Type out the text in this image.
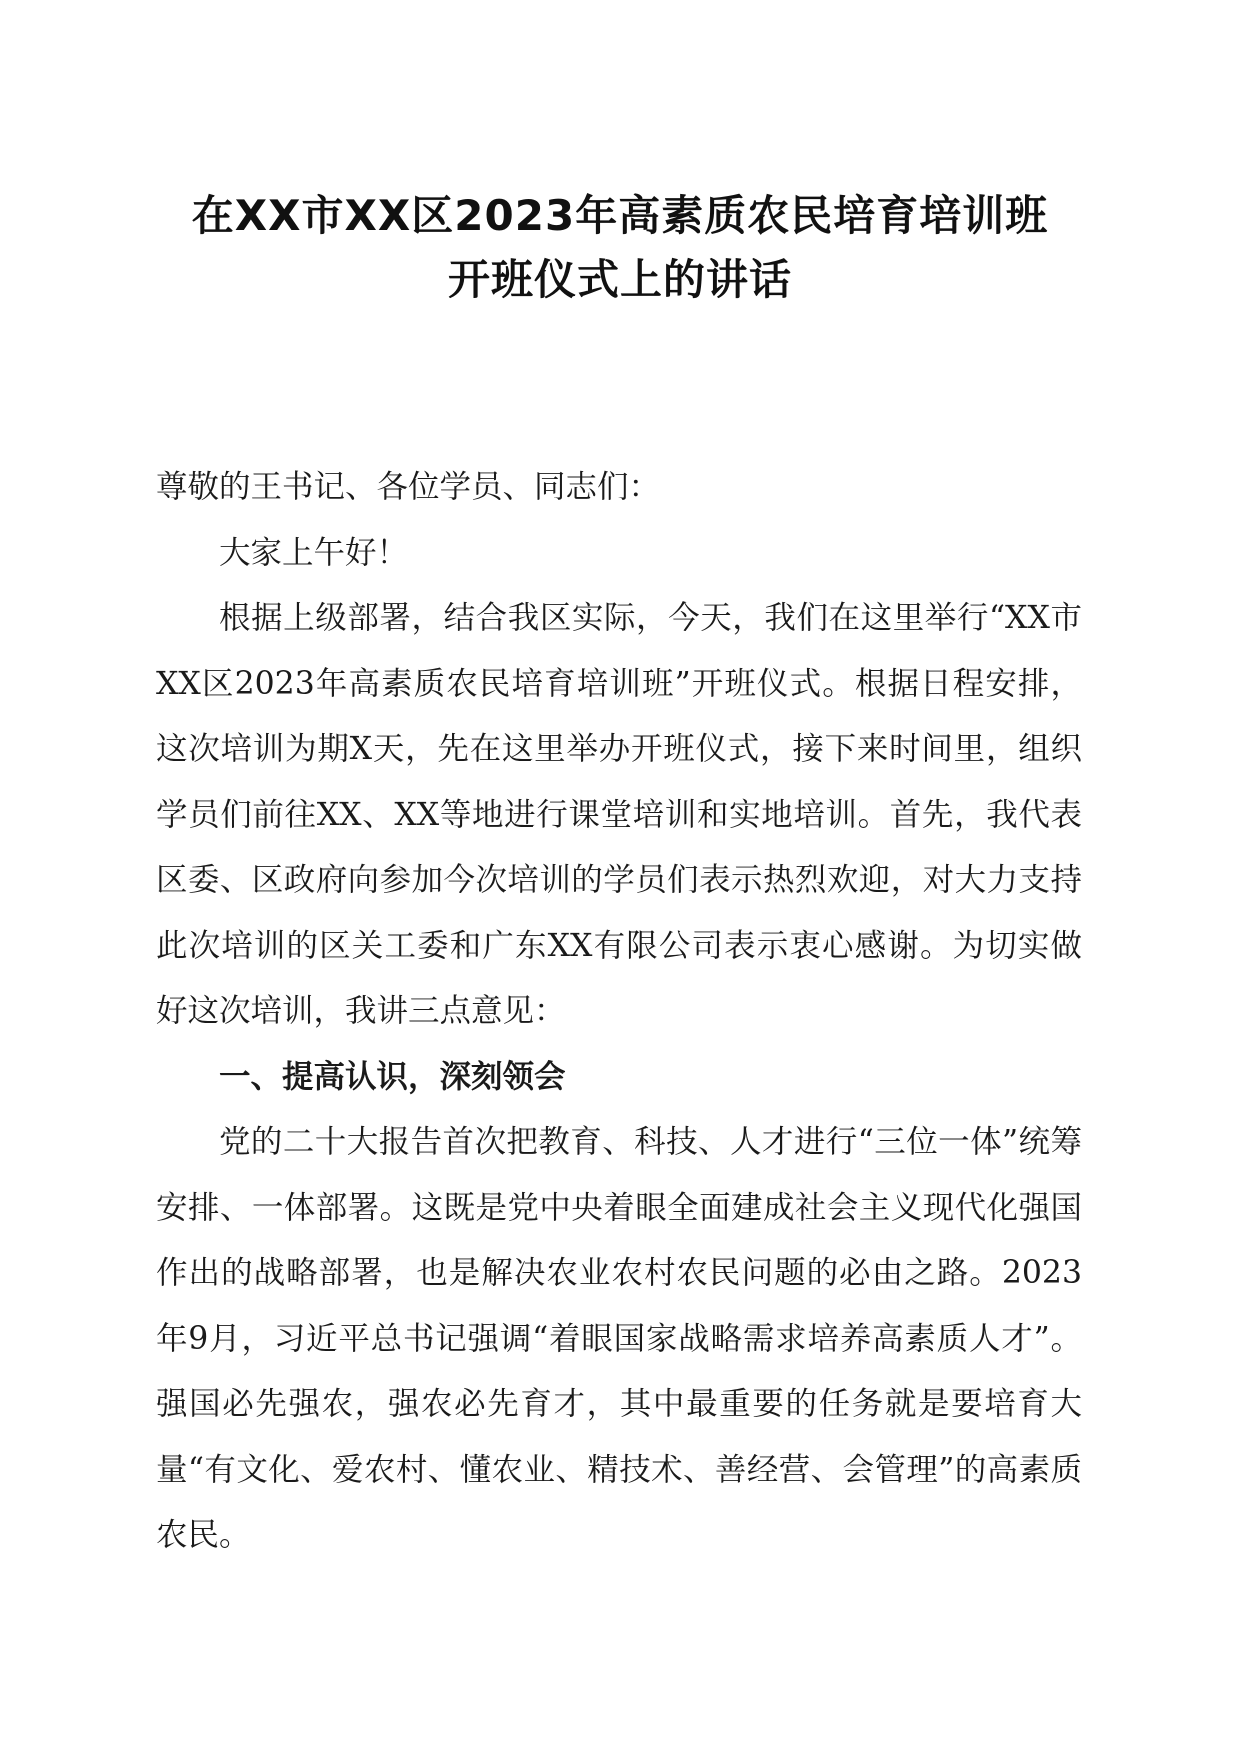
在XX市XX区2023年高素质农民培育培训班
开班仪式上的讲话

尊敬的王书记、各位学员、同志们：

大家上午好！

根据上级部署，结合我区实际，今天，我们在这里举行“XX市XX区2023年高素质农民培育培训班”开班仪式。根据日程安排，这次培训为期X天，先在这里举办开班仪式，接下来时间里，组织学员们前往XX、XX等地进行课堂培训和实地培训。首先，我代表区委、区政府向参加今次培训的学员们表示热烈欢迎，对大力支持此次培训的区关工委和广东XX有限公司表示衷心感谢。为切实做好这次培训，我讲三点意见：

一、提高认识，深刻领会

党的二十大报告首次把教育、科技、人才进行“三位一体”统筹安排、一体部署。这既是党中央着眼全面建成社会主义现代化强国作出的战略部署，也是解决农业农村农民问题的必由之路。2023年9月，习近平总书记强调“着眼国家战略需求培养高素质人才”。强国必先强农，强农必先育才，其中最重要的任务就是要培育大量“有文化、爱农村、懂农业、精技术、善经营、会管理”的高素质农民。
